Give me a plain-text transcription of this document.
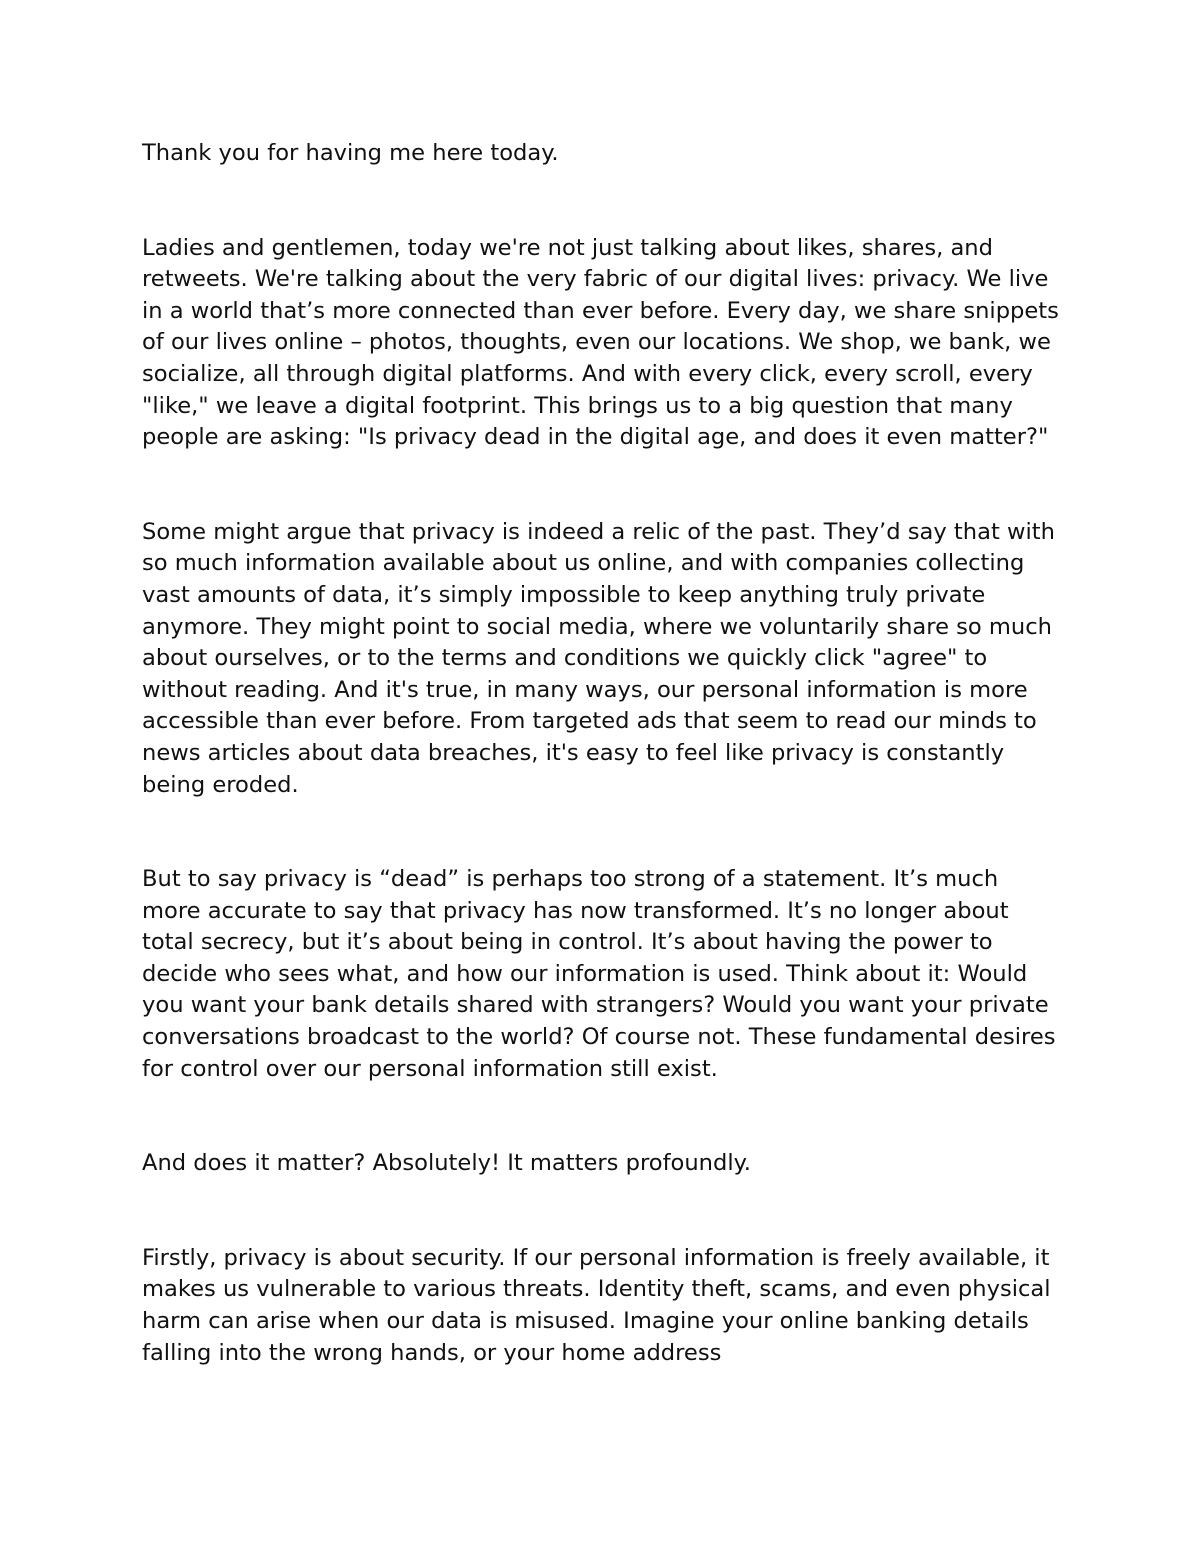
Thank you for having me here today.

Ladies and gentlemen, today we're not just talking about likes, shares, and retweets. We're talking about the very fabric of our digital lives: privacy. We live in a world that’s more connected than ever before. Every day, we share snippets of our lives online – photos, thoughts, even our locations. We shop, we bank, we socialize, all through digital platforms. And with every click, every scroll, every "like," we leave a digital footprint. This brings us to a big question that many people are asking: "Is privacy dead in the digital age, and does it even matter?"

Some might argue that privacy is indeed a relic of the past. They’d say that with so much information available about us online, and with companies collecting vast amounts of data, it’s simply impossible to keep anything truly private anymore. They might point to social media, where we voluntarily share so much about ourselves, or to the terms and conditions we quickly click "agree" to without reading. And it's true, in many ways, our personal information is more accessible than ever before. From targeted ads that seem to read our minds to news articles about data breaches, it's easy to feel like privacy is constantly being eroded.

But to say privacy is “dead” is perhaps too strong of a statement. It’s much more accurate to say that privacy has now transformed. It’s no longer about total secrecy, but it’s about being in control. It’s about having the power to decide who sees what, and how our information is used. Think about it: Would you want your bank details shared with strangers? Would you want your private conversations broadcast to the world? Of course not. These fundamental desires for control over our personal information still exist.

And does it matter? Absolutely! It matters profoundly.

Firstly, privacy is about security. If our personal information is freely available, it makes us vulnerable to various threats. Identity theft, scams, and even physical harm can arise when our data is misused. Imagine your online banking details falling into the wrong hands, or your home address
